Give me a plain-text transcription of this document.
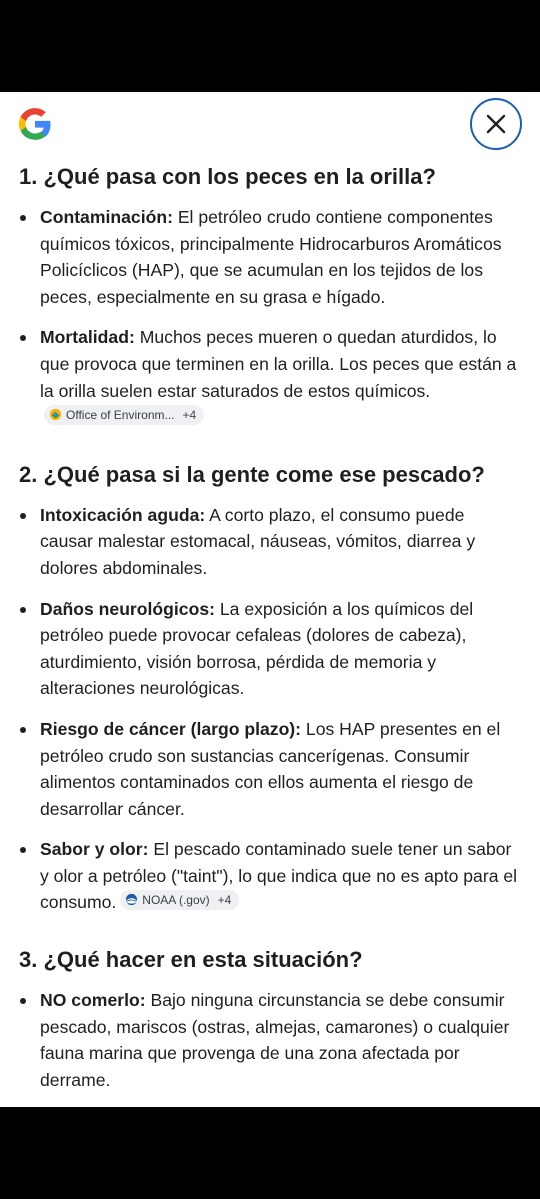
1. ¿Qué pasa con los peces en la orilla?
Contaminación: El petróleo crudo contiene componentes químicos tóxicos, principalmente Hidrocarburos Aromáticos Policíclicos (HAP), que se acumulan en los tejidos de los peces, especialmente en su grasa e hígado.
Mortalidad: Muchos peces mueren o quedan aturdidos, lo que provoca que terminen en la orilla. Los peces que están a la orilla suelen estar saturados de estos químicos.
Office of Environm... +4
2. ¿Qué pasa si la gente come ese pescado?
Intoxicación aguda: A corto plazo, el consumo puede causar malestar estomacal, náuseas, vómitos, diarrea y dolores abdominales.
Daños neurológicos: La exposición a los químicos del petróleo puede provocar cefaleas (dolores de cabeza), aturdimiento, visión borrosa, pérdida de memoria y alteraciones neurológicas.
Riesgo de cáncer (largo plazo): Los HAP presentes en el petróleo crudo son sustancias cancerígenas. Consumir alimentos contaminados con ellos aumenta el riesgo de desarrollar cáncer.
Sabor y olor: El pescado contaminado suele tener un sabor y olor a petróleo ("taint"), lo que indica que no es apto para el consumo. NOAA (.gov) +4
3. ¿Qué hacer en esta situación?
NO comerlo: Bajo ninguna circunstancia se debe consumir pescado, mariscos (ostras, almejas, camarones) o cualquier fauna marina que provenga de una zona afectada por derrame.
